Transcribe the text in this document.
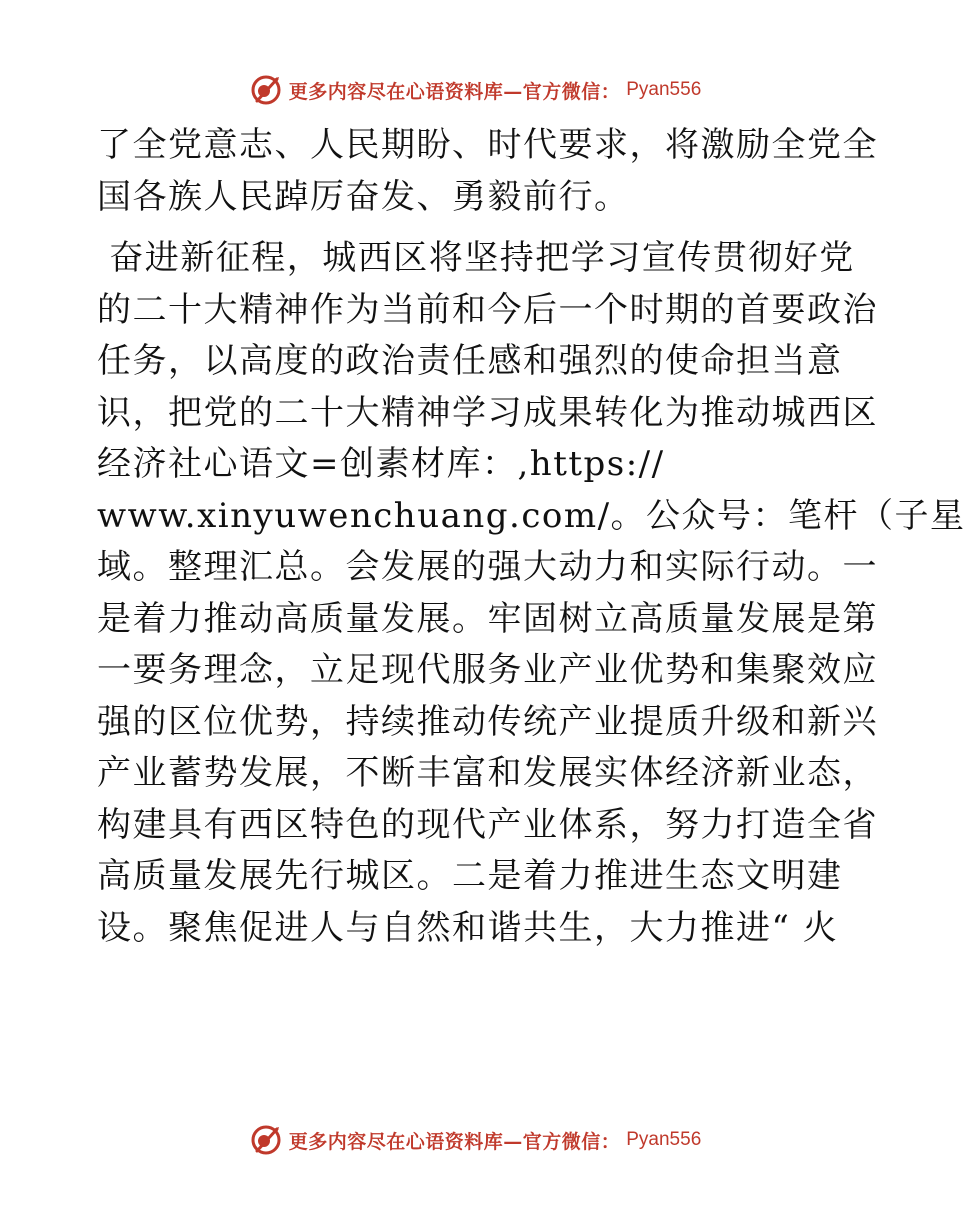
更多内容尽在心语资料库—官方微信： Pyan556

了全党意志、人民期盼、时代要求，将激励全党全
国各族人民踔厉奋发、勇毅前行。

奋进新征程，城西区将坚持把学习宣传贯彻好党
的二十大精神作为当前和今后一个时期的首要政治
任务，以高度的政治责任感和强烈的使命担当意
识，把党的二十大精神学习成果转化为推动城西区
经济社心语文=创素材库：,https://
www.xinyuwenchuang.com/。公众号：笔杆（子星
域。整理汇总。会发展的强大动力和实际行动。一
是着力推动高质量发展。牢固树立高质量发展是第
一要务理念，立足现代服务业产业优势和集聚效应
强的区位优势，持续推动传统产业提质升级和新兴
产业蓄势发展，不断丰富和发展实体经济新业态，
构建具有西区特色的现代产业体系，努力打造全省
高质量发展先行城区。二是着力推进生态文明建
设。聚焦促进人与自然和谐共生，大力推进“ 火

更多内容尽在心语资料库—官方微信： Pyan556
